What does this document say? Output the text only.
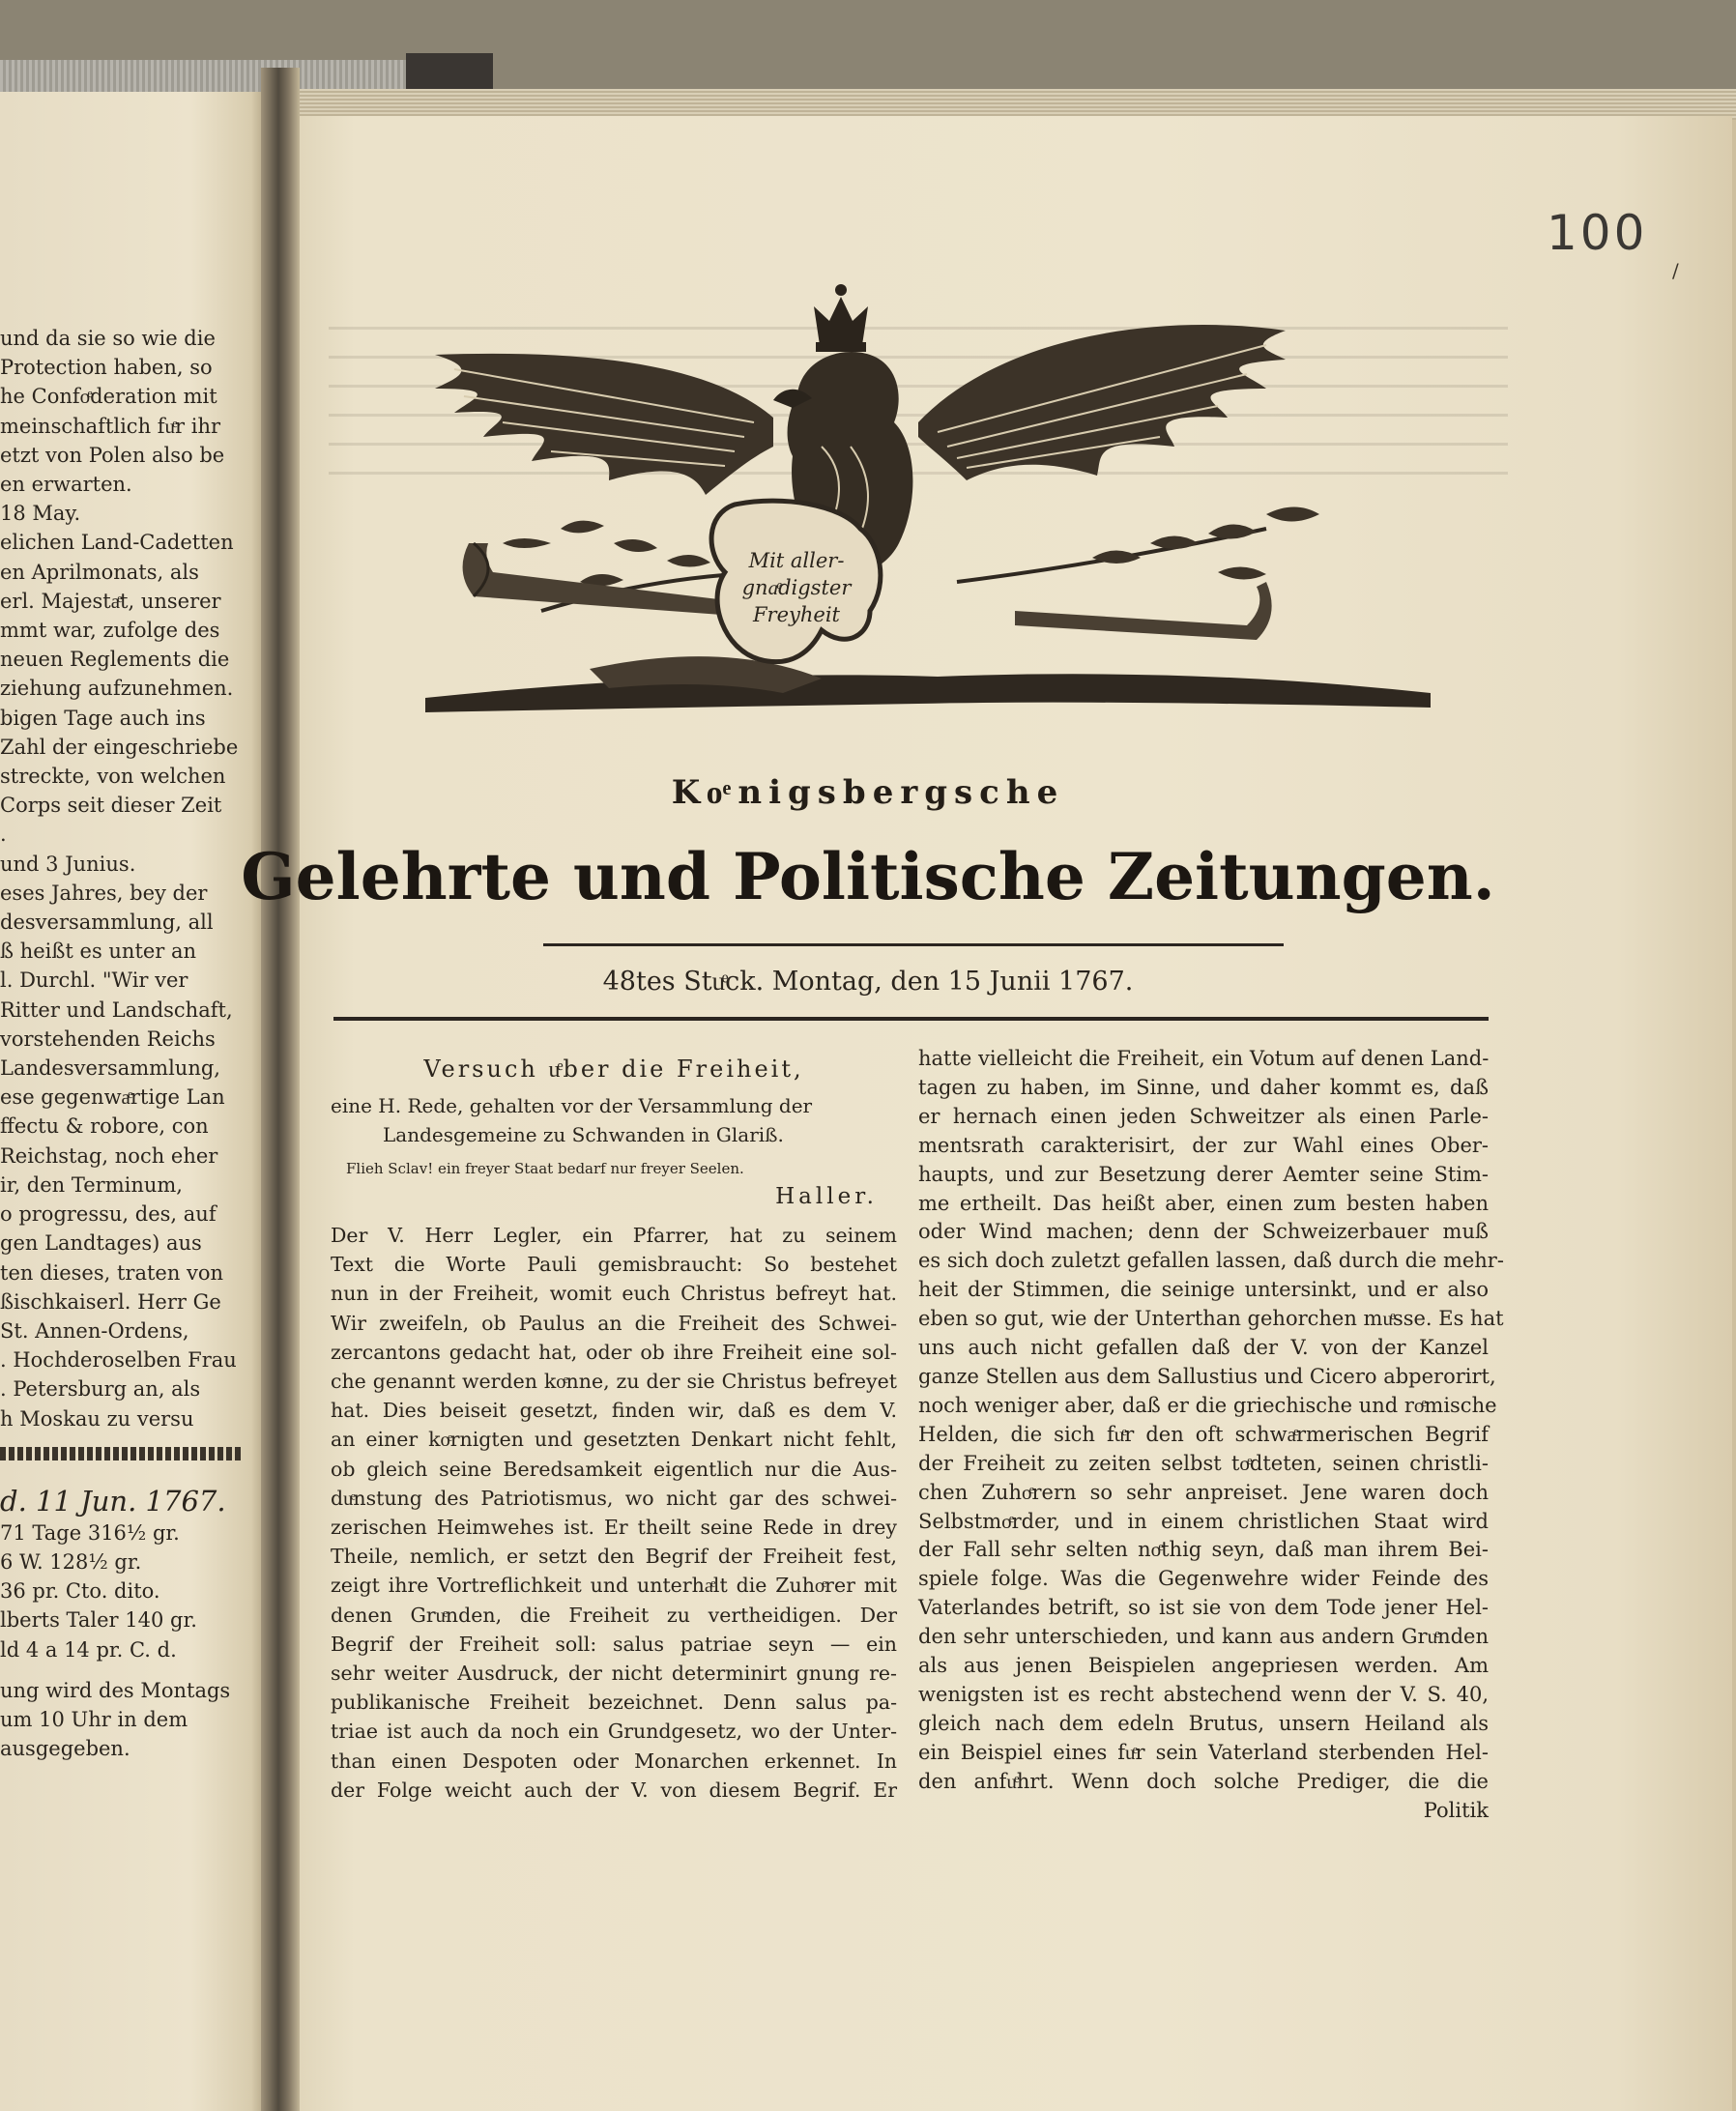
und da sie so wie die
Protection haben, so
he Confoͤderation mit
meinschaftlich fuͤr ihr
etzt von Polen also be
en erwarten.
18 May.
elichen Land-Cadetten
en Aprilmonats, als
erl. Majestaͤt, unserer
mmt war, zufolge des
neuen Reglements die
ziehung aufzunehmen.
bigen Tage auch ins
Zahl der eingeschriebe
streckte, von welchen
Corps seit dieser Zeit
.
und 3 Junius.
eses Jahres, bey der
desversammlung, all
ß heißt es unter an
l. Durchl. "Wir ver
Ritter und Landschaft,
vorstehenden Reichs
Landesversammlung,
ese gegenwaͤrtige Lan
ffectu & robore, con
Reichstag, noch eher
ir, den Terminum,
o progressu, des, auf
gen Landtages) aus
ten dieses, traten von
ßischkaiserl. Herr Ge
St. Annen-Ordens,
. Hochderoselben Frau
. Petersburg an, als
h Moskau zu versu
d. 11 Jun. 1767.
71 Tage 316½ gr.
6 W. 128½ gr.
36 pr. Cto. dito.
lberts Taler 140 gr.
ld 4 a 14 pr. C. d.
ung wird des Montags
um 10 Uhr in dem
ausgegeben.
100
/
Mit aller-
gnaͤdigster
Freyheit
Koͤnigsbergsche
Gelehrte und Politische Zeitungen.
48tes Stuͤck. Montag, den 15 Junii 1767.
Versuch uͤber die Freiheit,
eine H. Rede, gehalten vor der Versammlung der
Landesgemeine zu Schwanden in Glariß.
Flieh Sclav! ein freyer Staat bedarf nur freyer Seelen.
Haller.
Der V. Herr Legler, ein Pfarrer, hat zu seinem
Text die Worte Pauli gemisbraucht: So bestehet
nun in der Freiheit, womit euch Christus befreyt hat.
Wir zweifeln, ob Paulus an die Freiheit des Schwei-
zercantons gedacht hat, oder ob ihre Freiheit eine sol-
che genannt werden koͤnne, zu der sie Christus befreyet
hat. Dies beiseit gesetzt, finden wir, daß es dem V.
an einer koͤrnigten und gesetzten Denkart nicht fehlt,
ob gleich seine Beredsamkeit eigentlich nur die Aus-
duͤnstung des Patriotismus, wo nicht gar des schwei-
zerischen Heimwehes ist. Er theilt seine Rede in drey
Theile, nemlich, er setzt den Begrif der Freiheit fest,
zeigt ihre Vortreflichkeit und unterhaͤlt die Zuhoͤrer mit
denen Gruͤnden, die Freiheit zu vertheidigen. Der
Begrif der Freiheit soll: salus patriae seyn — ein
sehr weiter Ausdruck, der nicht determinirt gnung re-
publikanische Freiheit bezeichnet. Denn salus pa-
triae ist auch da noch ein Grundgesetz, wo der Unter-
than einen Despoten oder Monarchen erkennet. In
der Folge weicht auch der V. von diesem Begrif. Er
hatte vielleicht die Freiheit, ein Votum auf denen Land-
tagen zu haben, im Sinne, und daher kommt es, daß
er hernach einen jeden Schweitzer als einen Parle-
mentsrath carakterisirt, der zur Wahl eines Ober-
haupts, und zur Besetzung derer Aemter seine Stim-
me ertheilt. Das heißt aber, einen zum besten haben
oder Wind machen; denn der Schweizerbauer muß
es sich doch zuletzt gefallen lassen, daß durch die mehr-
heit der Stimmen, die seinige untersinkt, und er also
eben so gut, wie der Unterthan gehorchen muͤsse. Es hat
uns auch nicht gefallen daß der V. von der Kanzel
ganze Stellen aus dem Sallustius und Cicero abperorirt,
noch weniger aber, daß er die griechische und roͤmische
Helden, die sich fuͤr den oft schwaͤrmerischen Begrif
der Freiheit zu zeiten selbst toͤdteten, seinen christli-
chen Zuhoͤrern so sehr anpreiset. Jene waren doch
Selbstmoͤrder, und in einem christlichen Staat wird
der Fall sehr selten noͤthig seyn, daß man ihrem Bei-
spiele folge. Was die Gegenwehre wider Feinde des
Vaterlandes betrift, so ist sie von dem Tode jener Hel-
den sehr unterschieden, und kann aus andern Gruͤnden
als aus jenen Beispielen angepriesen werden. Am
wenigsten ist es recht abstechend wenn der V. S. 40,
gleich nach dem edeln Brutus, unsern Heiland als
ein Beispiel eines fuͤr sein Vaterland sterbenden Hel-
den anfuͤhrt. Wenn doch solche Prediger, die die
Politik
